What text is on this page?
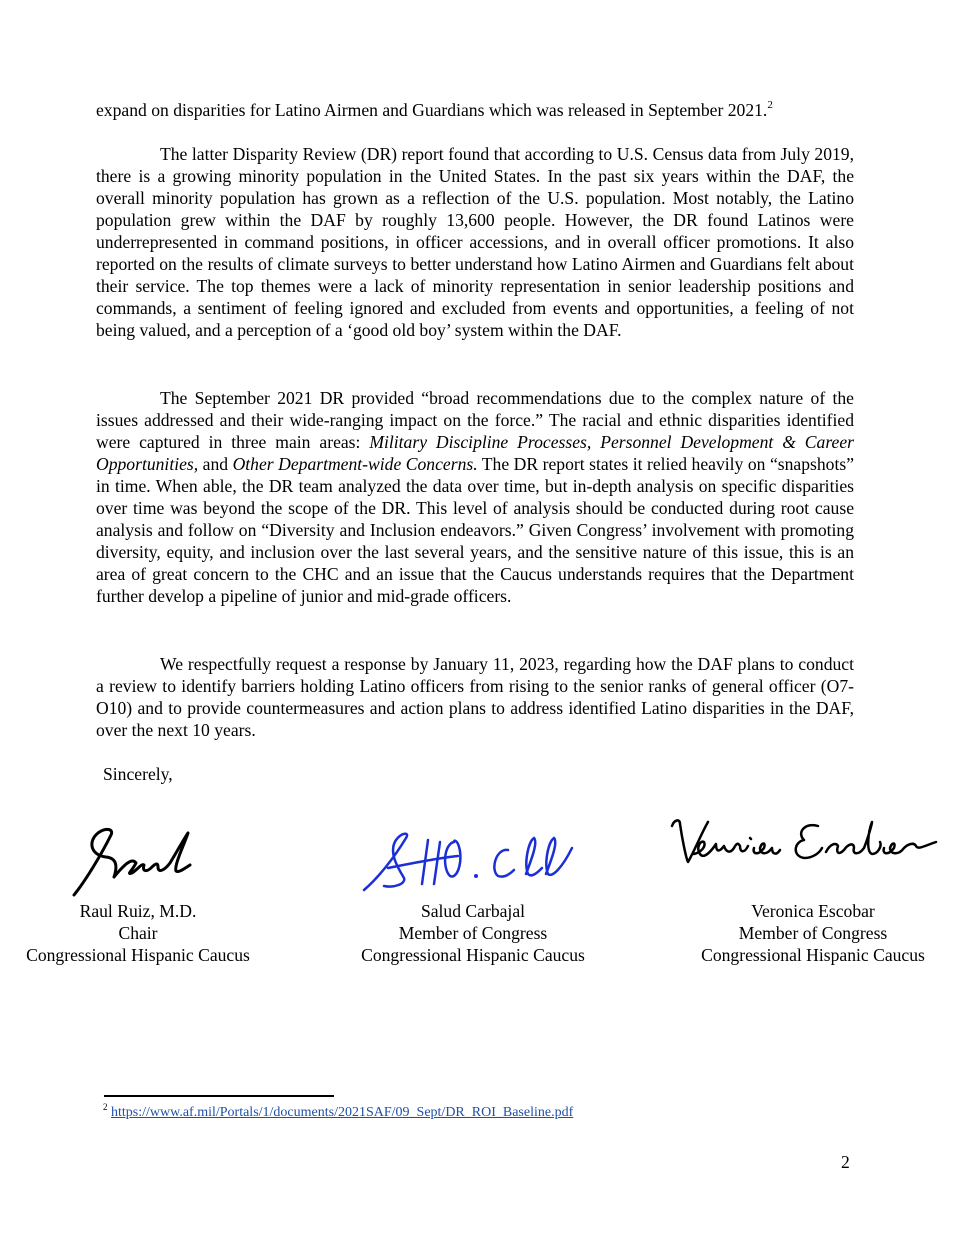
expand on disparities for Latino Airmen and Guardians which was released in September 2021.$^2$

The latter Disparity Review (DR) report found that according to U.S. Census data from July 2019, there is a growing minority population in the United States. In the past six years within the DAF, the overall minority population has grown as a reflection of the U.S. population. Most notably, the Latino population grew within the DAF by roughly 13,600 people. However, the DR found Latinos were underrepresented in command positions, in officer accessions, and in overall officer promotions. It also reported on the results of climate surveys to better understand how Latino Airmen and Guardians felt about their service. The top themes were a lack of minority representation in senior leadership positions and commands, a sentiment of feeling ignored and excluded from events and opportunities, a feeling of not being valued, and a perception of a ‘good old boy’ system within the DAF.

The September 2021 DR provided “broad recommendations due to the complex nature of the issues addressed and their wide-ranging impact on the force.” The racial and ethnic disparities identified were captured in three main areas: Military Discipline Processes, Personnel Development & Career Opportunities, and Other Department-wide Concerns. The DR report states it relied heavily on “snapshots” in time. When able, the DR team analyzed the data over time, but in-depth analysis on specific disparities over time was beyond the scope of the DR. This level of analysis should be conducted during root cause analysis and follow on “Diversity and Inclusion endeavors.” Given Congress’ involvement with promoting diversity, equity, and inclusion over the last several years, and the sensitive nature of this issue, this is an area of great concern to the CHC and an issue that the Caucus understands requires that the Department further develop a pipeline of junior and mid-grade officers.

We respectfully request a response by January 11, 2023, regarding how the DAF plans to conduct a review to identify barriers holding Latino officers from rising to the senior ranks of general officer (O7-O10) and to provide countermeasures and action plans to address identified Latino disparities in the DAF, over the next 10 years.

Sincerely,
Raul Ruiz, M.D.
Chair
Congressional Hispanic Caucus
Salud Carbajal
Member of Congress
Congressional Hispanic Caucus
Veronica Escobar
Member of Congress
Congressional Hispanic Caucus
$^2$ https://www.af.mil/Portals/1/documents/2021SAF/09_Sept/DR_ROI_Baseline.pdf
2
